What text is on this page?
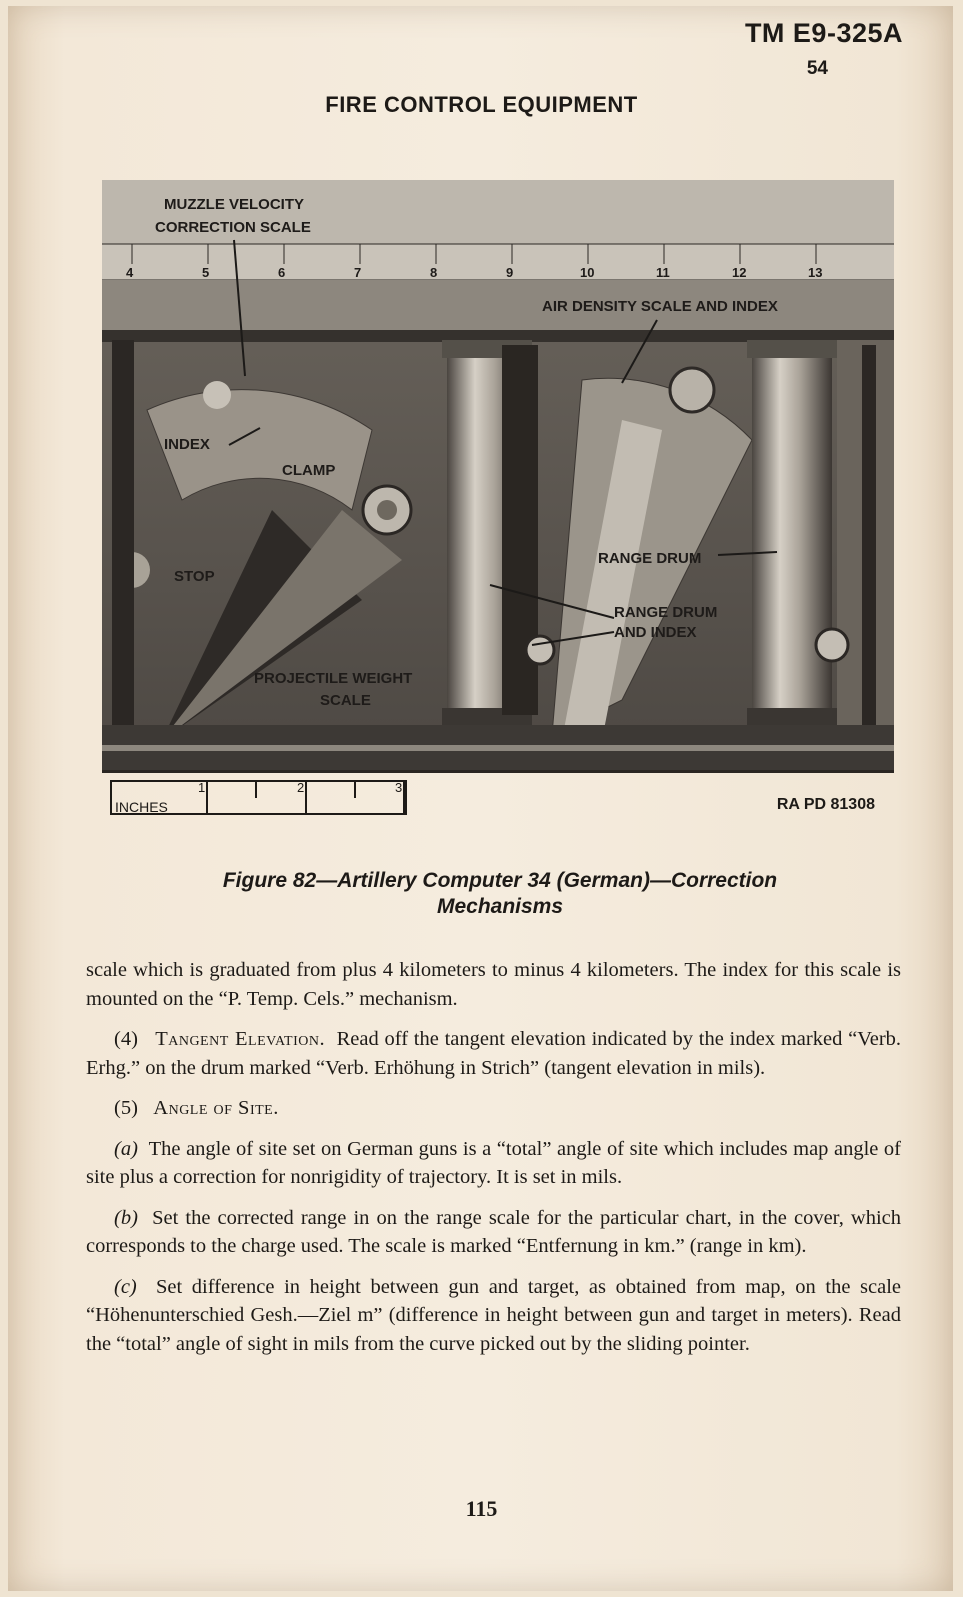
TM E9-325A
54
FIRE CONTROL EQUIPMENT
4	5	6	7	8	9	10	11	12	13
MUZZLE VELOCITY
CORRECTION SCALE
AIR DENSITY SCALE AND INDEX
INDEX
CLAMP
STOP
RANGE DRUM
RANGE DRUM
AND INDEX
PROJECTILE WEIGHT
SCALE
INCHES
1	2	3
RA PD 81308
Figure 82—Artillery Computer 34 (German)—Correction
Mechanisms

scale which is graduated from plus 4 kilometers to minus 4 kilometers. The index for this scale is mounted on the “P. Temp. Cels.” mechanism.

(4) Tangent Elevation. Read off the tangent elevation indicated by the index marked “Verb. Erhg.” on the drum marked “Verb. Erhöhung in Strich” (tangent elevation in mils).

(5) Angle of Site.

(a) The angle of site set on German guns is a “total” angle of site which includes map angle of site plus a correction for nonrigidity of trajectory. It is set in mils.

(b) Set the corrected range in on the range scale for the particular chart, in the cover, which corresponds to the charge used. The scale is marked “Entfernung in km.” (range in km).

(c) Set difference in height between gun and target, as obtained from map, on the scale “Höhenunterschied Gesh.—Ziel m” (difference in height between gun and target in meters). Read the “total” angle of sight in mils from the curve picked out by the sliding pointer.

115
